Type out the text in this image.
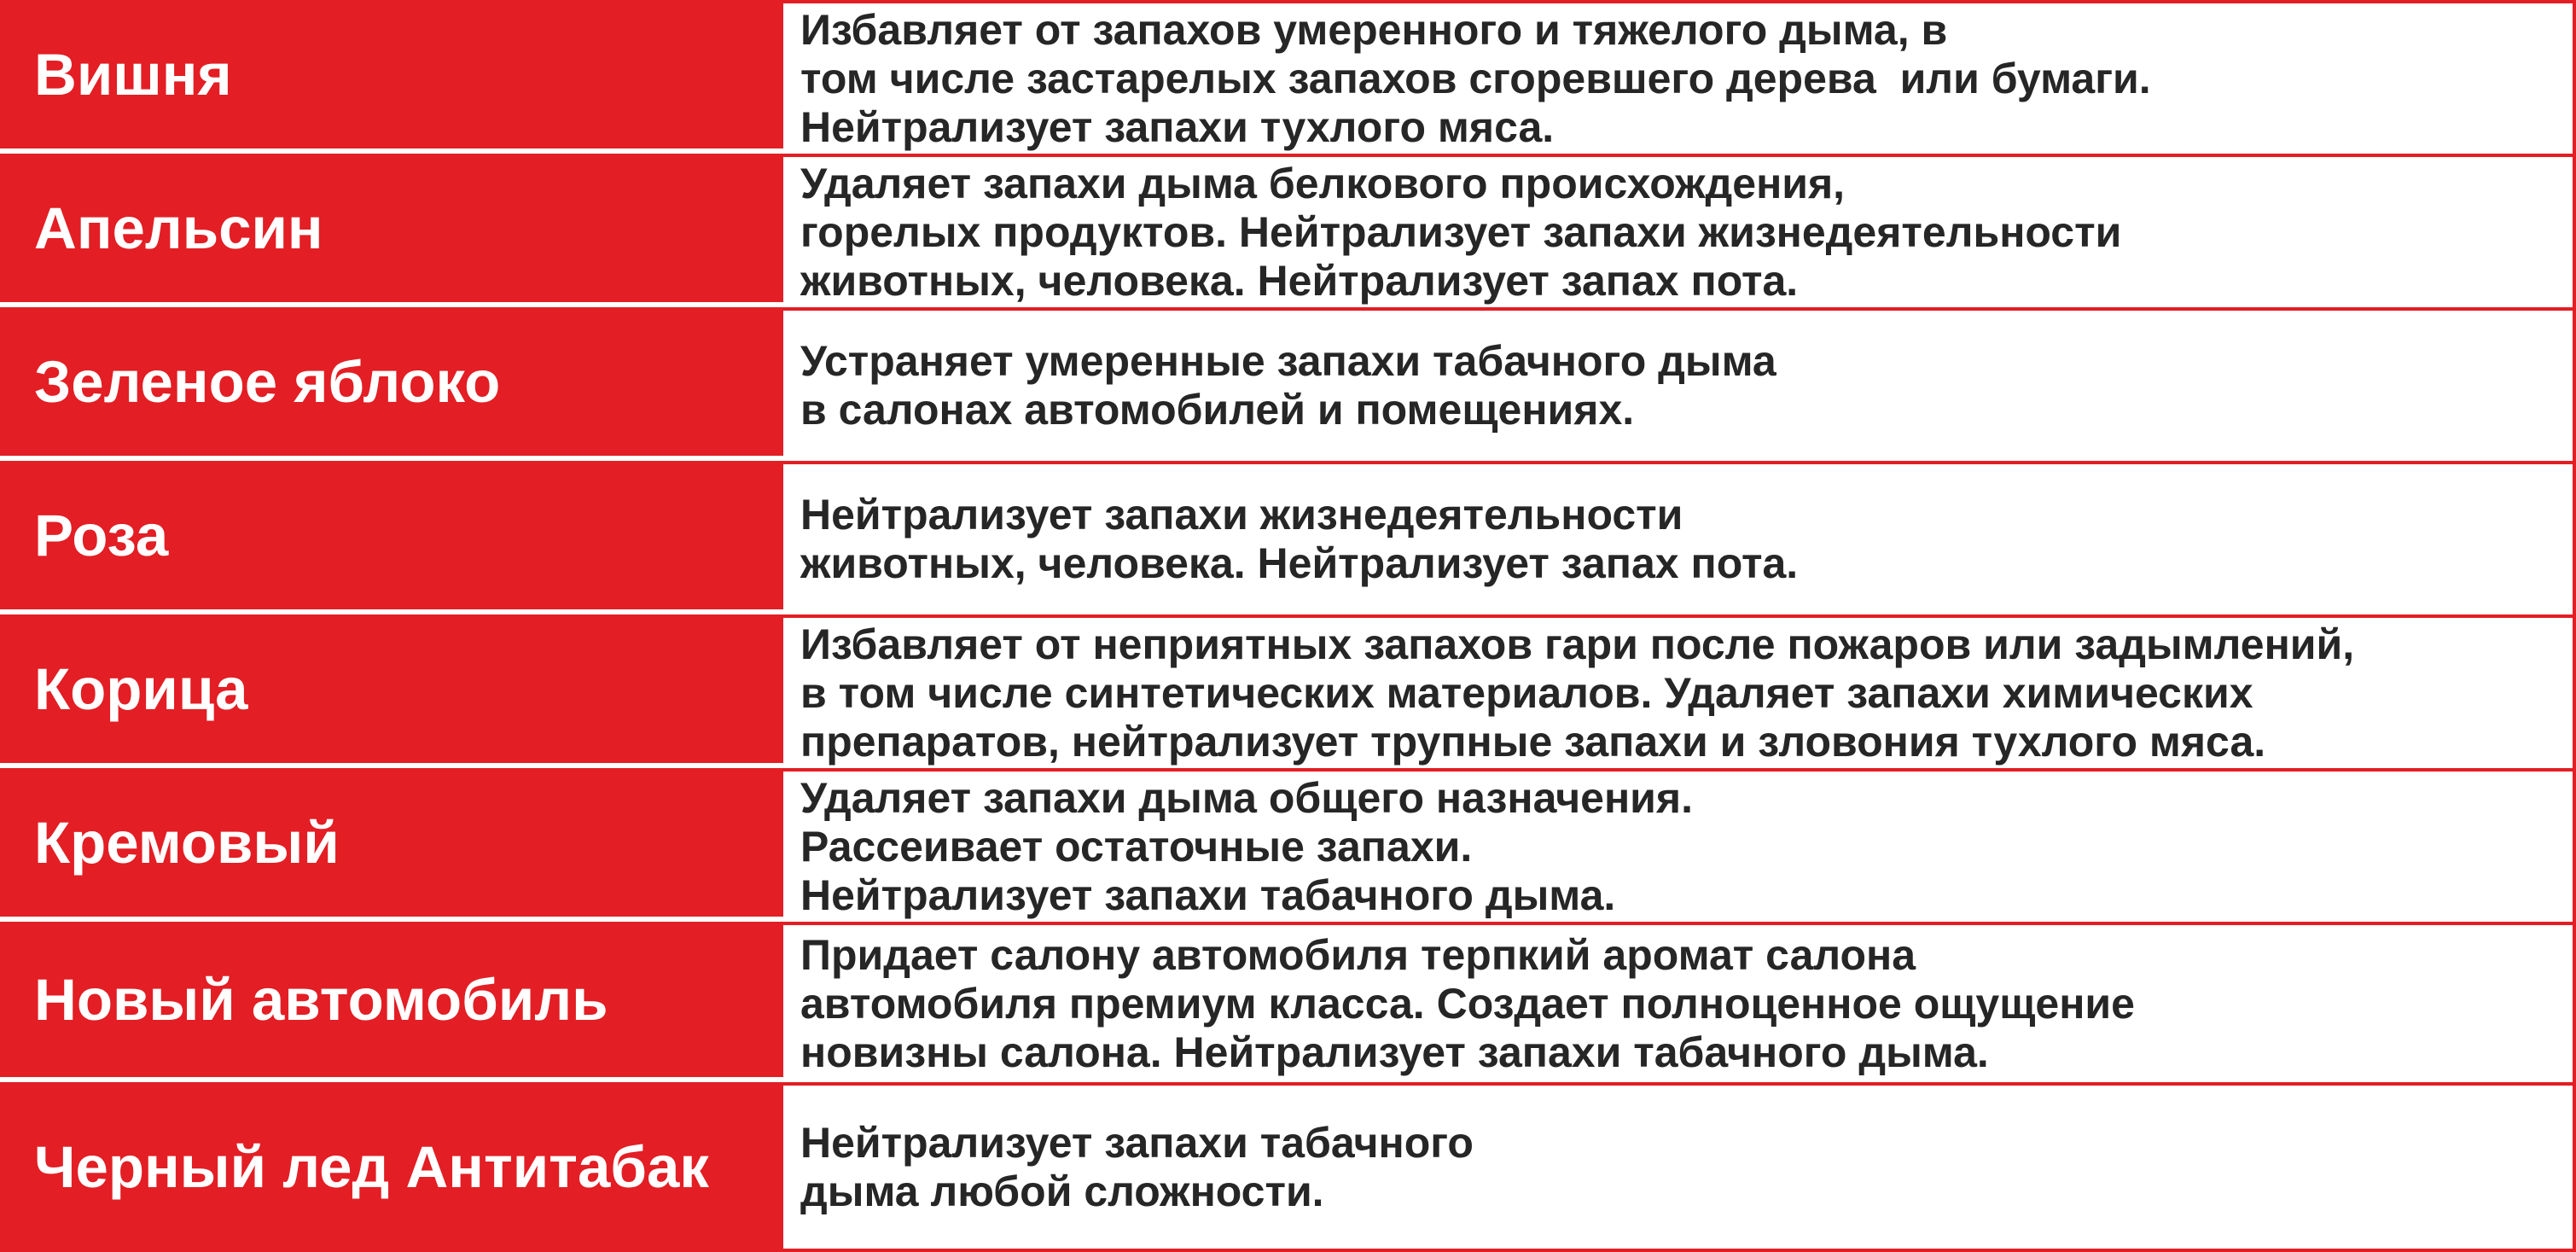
Вишня
Избавляет от запахов умеренного и тяжелого дыма, в
том числе застарелых запахов сгоревшего дерева  или бумаги.
Нейтрализует запахи тухлого мяса.
Апельсин
Удаляет запахи дыма белкового происхождения,
горелых продуктов. Нейтрализует запахи жизнедеятельности
животных, человека. Нейтрализует запах пота.
Зеленое яблоко	Устраняет умеренные запахи табачного дыма
в салонах автомобилей и помещениях.
Роза	Нейтрализует запахи жизнедеятельности
животных, человека. Нейтрализует запах пота.
Корица
Избавляет от неприятных запахов гари после пожаров или задымлений,
в том числе синтетических материалов. Удаляет запахи химических
препаратов, нейтрализует трупные запахи и зловония тухлого мяса.
Кремовый
Удаляет запахи дыма общего назначения.
Рассеивает остаточные запахи.
Нейтрализует запахи табачного дыма.
Новый автомобиль
Придает салону автомобиля терпкий аромат салона
автомобиля премиум класса. Создает полноценное ощущение
новизны салона. Нейтрализует запахи табачного дыма.
Черный лед Антитабак Нейтрализует запахи табачного
дыма любой сложности.
